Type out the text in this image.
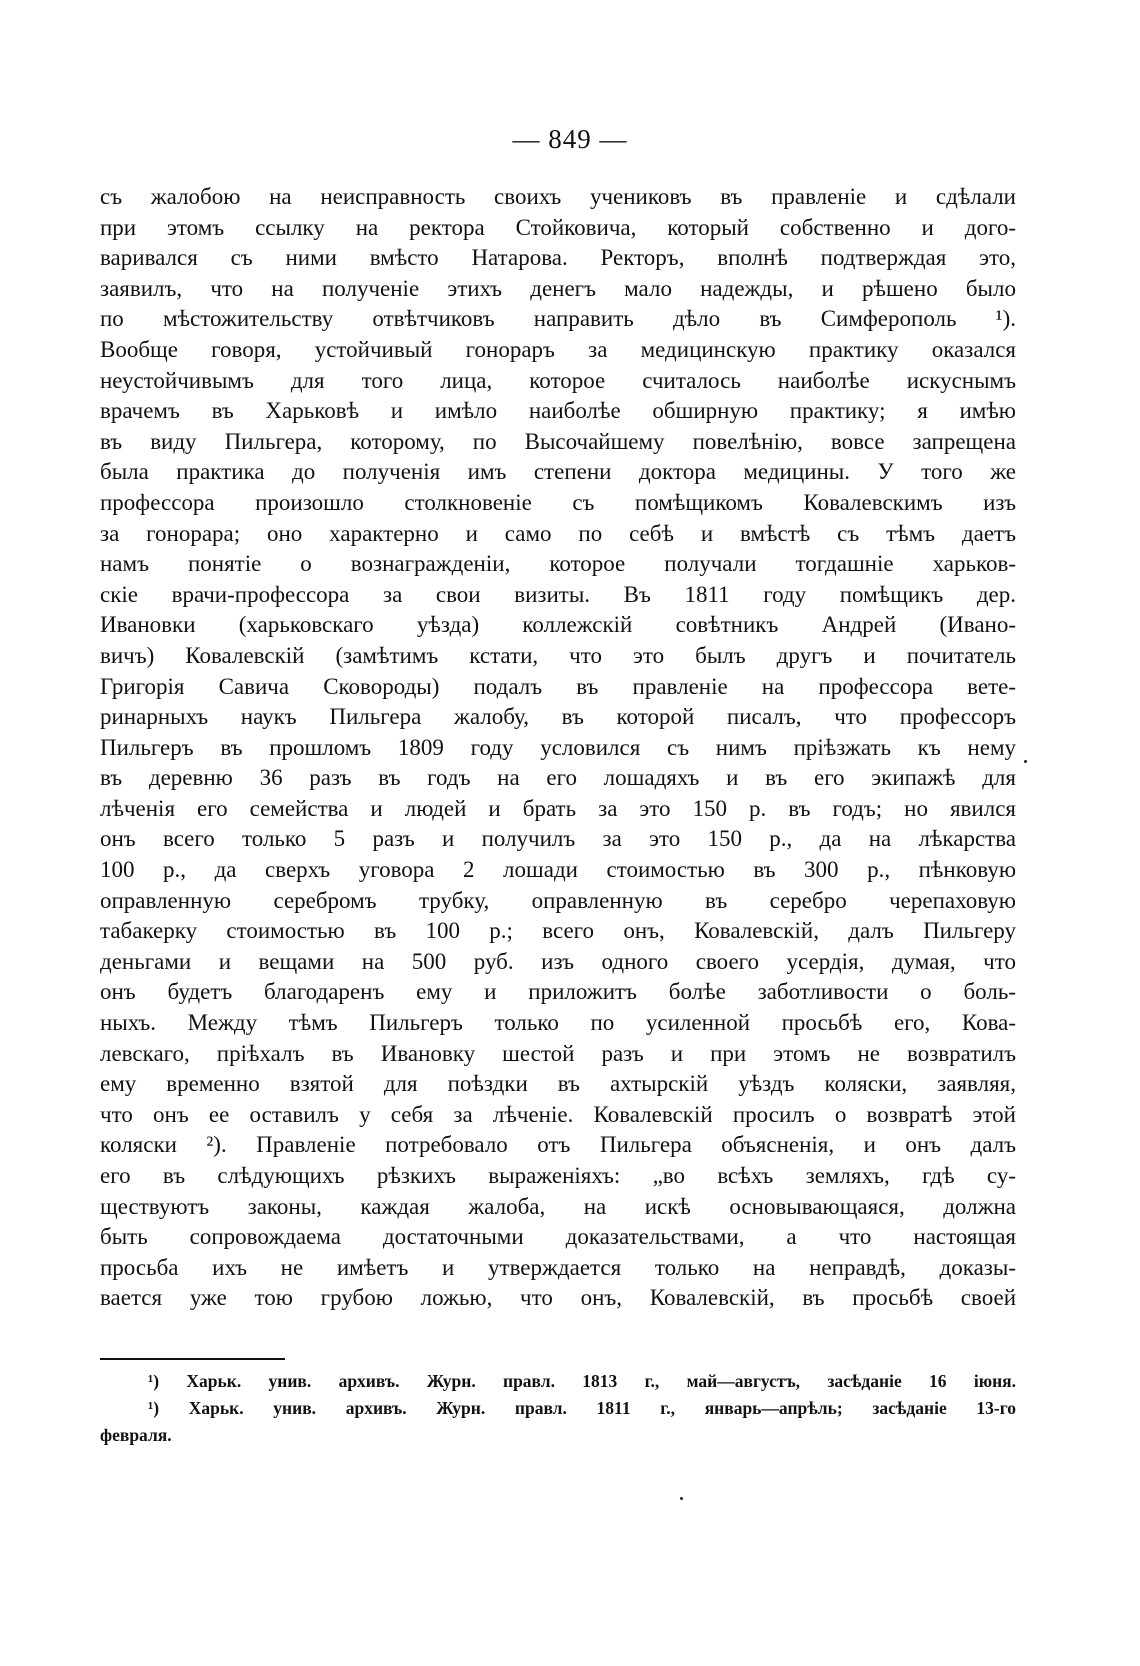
— 849 —
съ жалобою на неисправность своихъ учениковъ въ правленіе и сдѣлали
при этомъ ссылку на ректора Стойковича, который собственно и дого-
варивался съ ними вмѣсто Натарова. Ректоръ, вполнѣ подтверждая это,
заявилъ, что на полученіе этихъ денегъ мало надежды, и рѣшено было
по мѣстожительству отвѣтчиковъ направить дѣло въ Симферополь ¹).
Вообще говоря, устойчивый гонораръ за медицинскую практику оказался
неустойчивымъ для того лица, которое считалось наиболѣе искуснымъ
врачемъ въ Харьковѣ и имѣло наиболѣе обширную практику; я имѣю
въ виду Пильгера, которому, по Высочайшему повелѣнію, вовсе запрещена
была практика до полученія имъ степени доктора медицины. У того же
профессора произошло столкновеніе съ помѣщикомъ Ковалевскимъ изъ
за гонорара; оно характерно и само по себѣ и вмѣстѣ съ тѣмъ даетъ
намъ понятіе о вознагражденіи, которое получали тогдашніе харьков-
скіе врачи-профессора за свои визиты. Въ 1811 году помѣщикъ дер.
Ивановки (харьковскаго уѣзда) коллежскій совѣтникъ Андрей (Ивано-
вичъ) Ковалевскій (замѣтимъ кстати, что это былъ другъ и почитатель
Григорія Савича Сковороды) подалъ въ правленіе на профессора вете-
ринарныхъ наукъ Пильгера жалобу, въ которой писалъ, что профессоръ
Пильгеръ въ прошломъ 1809 году условился съ нимъ пріѣзжать къ нему
въ деревню 36 разъ въ годъ на его лошадяхъ и въ его экипажѣ для
лѣченія его семейства и людей и брать за это 150 р. въ годъ; но явился
онъ всего только 5 разъ и получилъ за это 150 р., да на лѣкарства
100 р., да сверхъ уговора 2 лошади стоимостью въ 300 р., пѣнковую
оправленную серебромъ трубку, оправленную въ серебро черепаховую
табакерку стоимостью въ 100 р.; всего онъ, Ковалевскій, далъ Пильгеру
деньгами и вещами на 500 руб. изъ одного своего усердія, думая, что
онъ будетъ благодаренъ ему и приложитъ болѣе заботливости о боль-
ныхъ. Между тѣмъ Пильгеръ только по усиленной просьбѣ его, Кова-
левскаго, пріѣхалъ въ Ивановку шестой разъ и при этомъ не возвратилъ
ему временно взятой для поѣздки въ ахтырскій уѣздъ коляски, заявляя,
что онъ ее оставилъ у себя за лѣченіе. Ковалевскій просилъ о возвратѣ этой
коляски ²). Правленіе потребовало отъ Пильгера объясненія, и онъ далъ
его въ слѣдующихъ рѣзкихъ выраженіяхъ: „во всѣхъ земляхъ, гдѣ су-
ществуютъ законы, каждая жалоба, на искѣ основывающаяся, должна
быть сопровождаема достаточными доказательствами, а что настоящая
просьба ихъ не имѣетъ и утверждается только на неправдѣ, доказы-
вается уже тою грубою ложью, что онъ, Ковалевскій, въ просьбѣ своей
¹) Харьк. унив. архивъ. Журн. правл. 1813 г., май—августъ, засѣданіе 16 іюня.
¹) Харьк. унив. архивъ. Журн. правл. 1811 г., январь—апрѣль; засѣданіе 13-го
февраля.
